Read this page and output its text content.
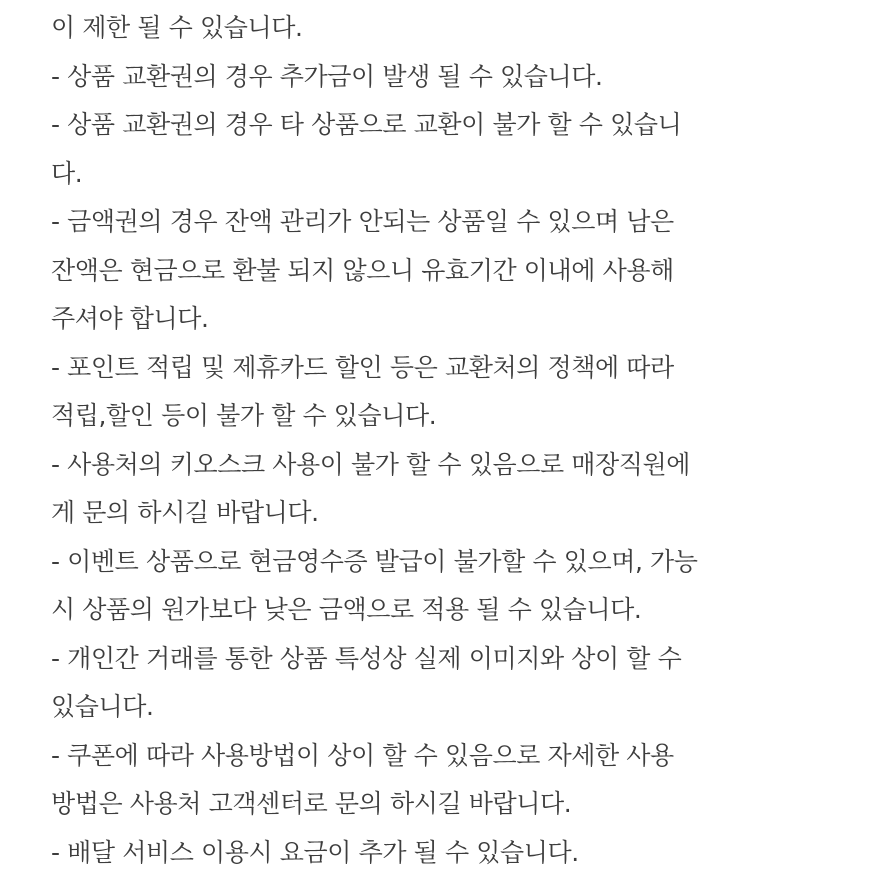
이 제한 될 수 있습니다.
- 상품 교환권의 경우 추가금이 발생 될 수 있습니다.
- 상품 교환권의 경우 타 상품으로 교환이 불가 할 수 있습니
다.
- 금액권의 경우 잔액 관리가 안되는 상품일 수 있으며 남은
잔액은 현금으로 환불 되지 않으니 유효기간 이내에 사용해
주셔야 합니다.
- 포인트 적립 및 제휴카드 할인 등은 교환처의 정책에 따라
적립,할인 등이 불가 할 수 있습니다.
- 사용처의 키오스크 사용이 불가 할 수 있음으로 매장직원에
게 문의 하시길 바랍니다.
- 이벤트 상품으로 현금영수증 발급이 불가할 수 있으며, 가능
시 상품의 원가보다 낮은 금액으로 적용 될 수 있습니다.
- 개인간 거래를 통한 상품 특성상 실제 이미지와 상이 할 수
있습니다.
- 쿠폰에 따라 사용방법이 상이 할 수 있음으로 자세한 사용
방법은 사용처 고객센터로 문의 하시길 바랍니다.
- 배달 서비스 이용시 요금이 추가 될 수 있습니다.
